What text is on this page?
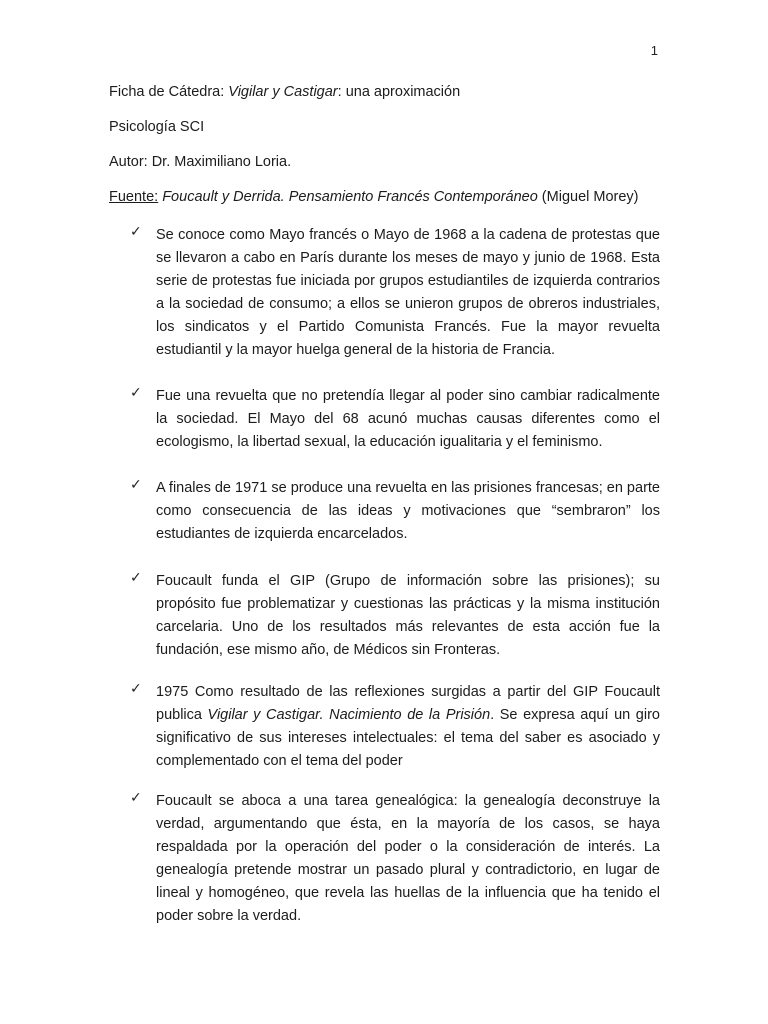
1
Ficha de Cátedra: Vigilar y Castigar: una aproximación
Psicología SCI
Autor: Dr. Maximiliano Loria.
Fuente: Foucault y Derrida. Pensamiento Francés Contemporáneo (Miguel Morey)
✓ Se conoce como Mayo francés o Mayo de 1968 a la cadena de protestas que se llevaron a cabo en París durante los meses de mayo y junio de 1968. Esta serie de protestas fue iniciada por grupos estudiantiles de izquierda contrarios a la sociedad de consumo; a ellos se unieron grupos de obreros industriales, los sindicatos y el Partido Comunista Francés. Fue la mayor revuelta estudiantil y la mayor huelga general de la historia de Francia.
✓ Fue una revuelta que no pretendía llegar al poder sino cambiar radicalmente la sociedad. El Mayo del 68 acunó muchas causas diferentes como el ecologismo, la libertad sexual, la educación igualitaria y el feminismo.
✓ A finales de 1971 se produce una revuelta en las prisiones francesas; en parte como consecuencia de las ideas y motivaciones que “sembraron” los estudiantes de izquierda encarcelados.
✓ Foucault funda el GIP (Grupo de información sobre las prisiones); su propósito fue problematizar y cuestionas las prácticas y la misma institución carcelaria. Uno de los resultados más relevantes de esta acción fue la fundación, ese mismo año, de Médicos sin Fronteras.
✓ 1975 Como resultado de las reflexiones surgidas a partir del GIP Foucault publica Vigilar y Castigar. Nacimiento de la Prisión. Se expresa aquí un giro significativo de sus intereses intelectuales: el tema del saber es asociado y complementado con el tema del poder
✓ Foucault se aboca a una tarea genealógica: la genealogía deconstruye la verdad, argumentando que ésta, en la mayoría de los casos, se haya respaldada por la operación del poder o la consideración de interés. La genealogía pretende mostrar un pasado plural y contradictorio, en lugar de lineal y homogéneo, que revela las huellas de la influencia que ha tenido el poder sobre la verdad.
